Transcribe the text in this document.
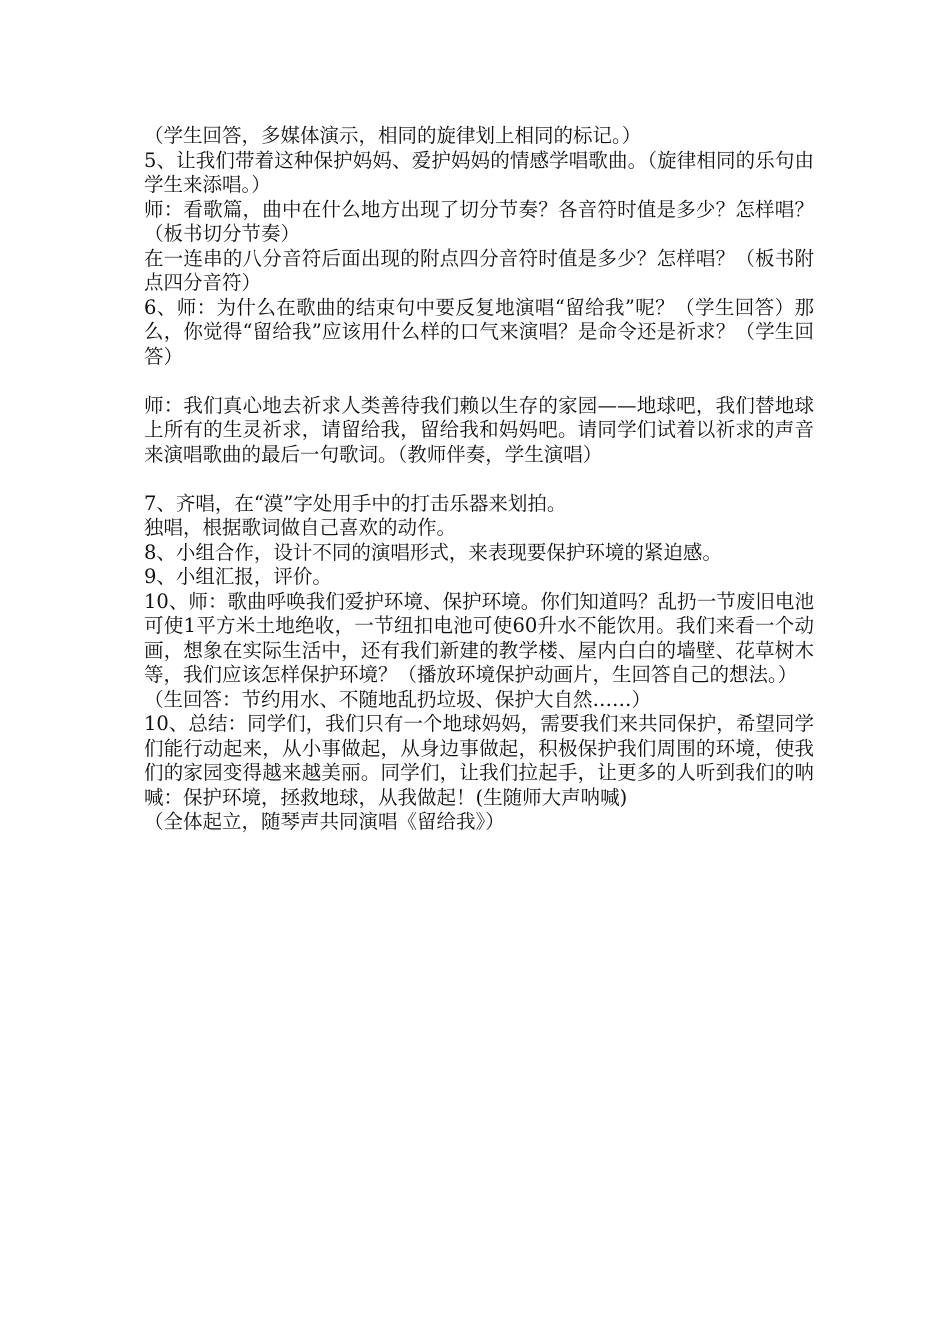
（学生回答，多媒体演示，相同的旋律划上相同的标记。）

5、让我们带着这种保护妈妈、爱护妈妈的情感学唱歌曲。（旋律相同的乐句由学生来添唱。）

师：看歌篇，曲中在什么地方出现了切分节奏？各音符时值是多少？怎样唱？（板书切分节奏）

在一连串的八分音符后面出现的附点四分音符时值是多少？怎样唱？（板书附点四分音符）

6、师：为什么在歌曲的结束句中要反复地演唱“留给我”呢？（学生回答）那么，你觉得“留给我”应该用什么样的口气来演唱？是命令还是祈求？（学生回答）

师：我们真心地去祈求人类善待我们赖以生存的家园——地球吧，我们替地球上所有的生灵祈求，请留给我，留给我和妈妈吧。请同学们试着以祈求的声音来演唱歌曲的最后一句歌词。（教师伴奏，学生演唱）

7、齐唱，在“漠”字处用手中的打击乐器来划拍。

独唱，根据歌词做自己喜欢的动作。

8、小组合作，设计不同的演唱形式，来表现要保护环境的紧迫感。

9、小组汇报，评价。

10、师：歌曲呼唤我们爱护环境、保护环境。你们知道吗？乱扔一节废旧电池可使1平方米土地绝收，一节纽扣电池可使60升水不能饮用。我们来看一个动画，想象在实际生活中，还有我们新建的教学楼、屋内白白的墙壁、花草树木等，我们应该怎样保护环境？（播放环境保护动画片，生回答自己的想法。）

（生回答：节约用水、不随地乱扔垃圾、保护大自然……）

10、总结：同学们，我们只有一个地球妈妈，需要我们来共同保护，希望同学们能行动起来，从小事做起，从身边事做起，积极保护我们周围的环境，使我们的家园变得越来越美丽。同学们，让我们拉起手，让更多的人听到我们的呐喊：保护环境，拯救地球，从我做起！(生随师大声呐喊)

（全体起立，随琴声共同演唱《留给我》）
